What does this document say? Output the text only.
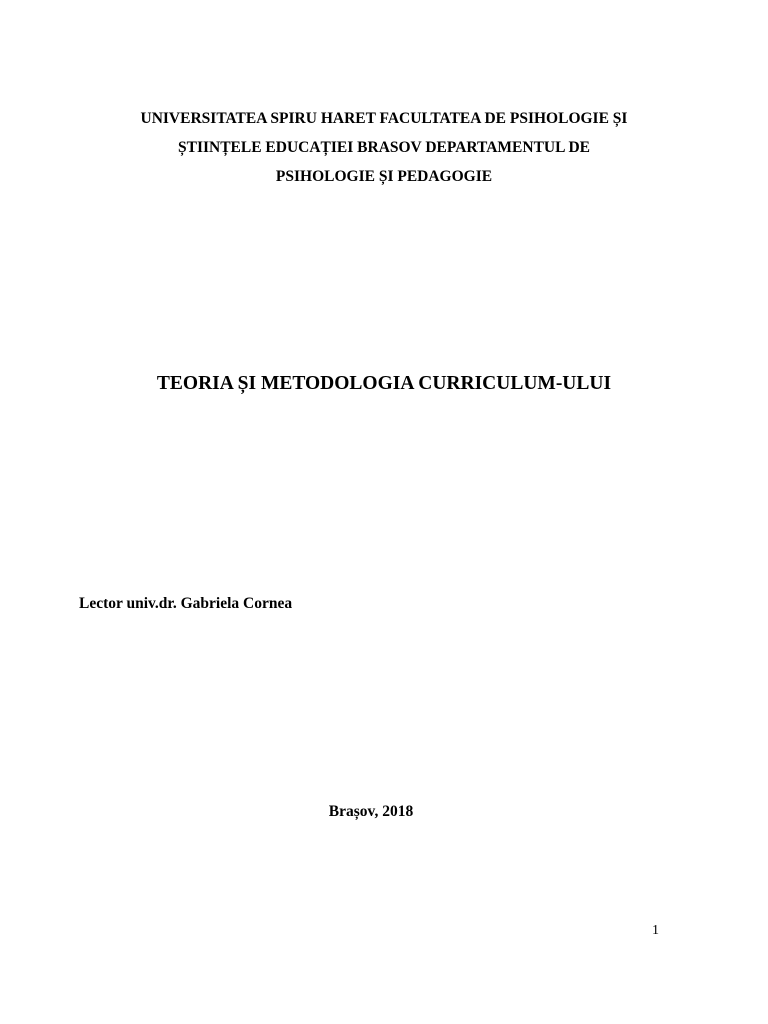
UNIVERSITATEA SPIRU HARET FACULTATEA DE PSIHOLOGIE ȘI
ȘTIINȚELE EDUCAȚIEI BRASOV DEPARTAMENTUL DE
PSIHOLOGIE ȘI PEDAGOGIE
TEORIA ȘI METODOLOGIA CURRICULUM-ULUI
Lector univ.dr. Gabriela Cornea
Brașov, 2018
1
